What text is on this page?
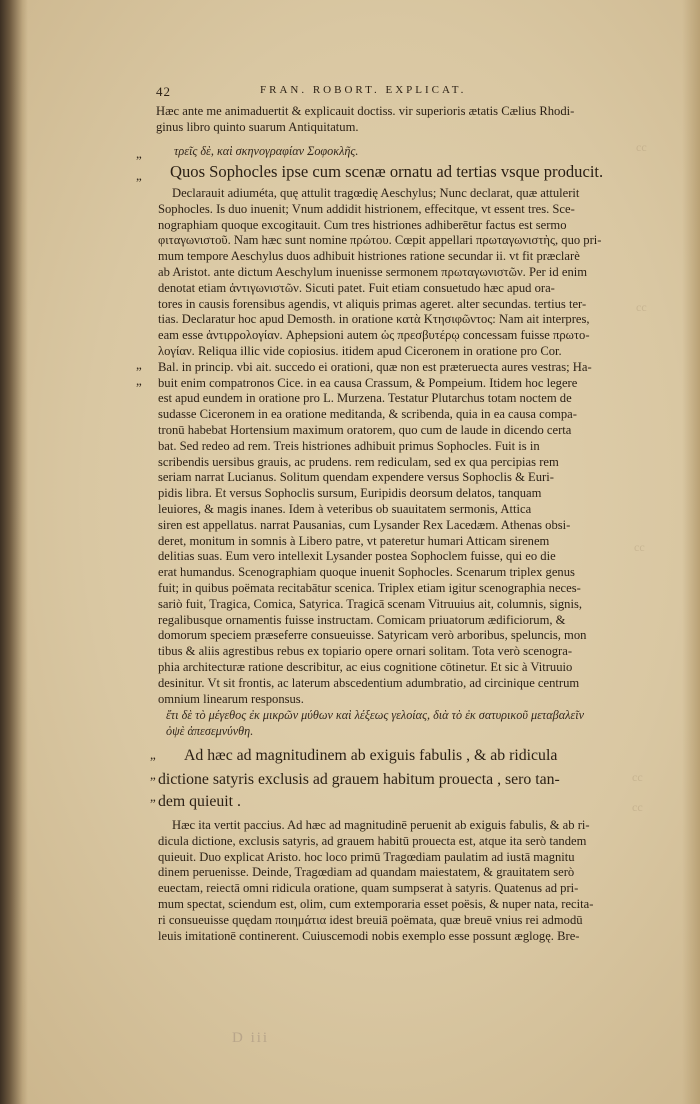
cc
cc
cc
cc
cc
42	FRAN. ROBORT. EXPLICAT.
Hæc ante me animaduertit & explicauit doctiss. vir superioris ætatis Cælius Rhodi-
ginus libro quinto suarum Antiquitatum.
„	τρεῖς δὲ, καὶ σκηνογραφίαν Σοφοκλῆς.
„ Quos Sophocles ipse cum scenæ ornatu ad tertias vsque producit.
Declarauit adiuméta, quę attulit tragœdię Aeschylus; Nunc declarat, quæ attulerit
Sophocles. Is duo inuenit; Vnum addidit histrionem, effecitque, vt essent tres. Sce-
nographiam quoque excogitauit. Cum tres histriones adhiberētur factus est sermo
φιταγωνιστοῦ. Nam hæc sunt nomine πρώτου. Cœpit appellari πρωταγωνιστὴς, quo pri-
mum tempore Aeschylus duos adhibuit histriones ratione secundar ii. vt fit præclarè
ab Aristot. ante dictum Aeschylum inuenisse sermonem πρωταγωνιστῶν. Per id enim
denotat etiam ἀντιγωνιστῶν. Sicuti patet. Fuit etiam consuetudo hæc apud ora-
tores in causis forensibus agendis, vt aliquis primas ageret. alter secundas. tertius ter-
tias. Declaratur hoc apud Demosth. in oratione κατὰ Κτησιφῶντος: Nam ait interpres,
eam esse ἀντιρρολογίαν. Aphepsioni autem ὡς πρεσβυτέρῳ concessam fuisse πρωτο-
λογίαν. Reliqua illic vide copiosius. itidem apud Ciceronem in oratione pro Cor.
Bal. in princip. vbi ait. succedo ei orationi, quæ non est præteruecta aures vestras; Ha-
buit enim compatronos Cice. in ea causa Crassum, & Pompeium. Itidem hoc legere
est apud eundem in oratione pro L. Murzena. Testatur Plutarchus totam noctem de
sudasse Ciceronem in ea oratione meditanda, & scribenda, quia in ea causa compa-
tronū habebat Hortensium maximum oratorem, quo cum de laude in dicendo certa
bat. Sed redeo ad rem. Treis histriones adhibuit primus Sophocles. Fuit is in
scribendis uersibus grauis, ac prudens. rem rediculam, sed ex qua percipias rem
seriam narrat Lucianus. Solitum quendam expendere versus Sophoclis & Euri-
pidis libra. Et versus Sophoclis sursum, Euripidis deorsum delatos, tanquam
leuiores, & magis inanes. Idem à veteribus ob suauitatem sermonis, Attica
siren est appellatus. narrat Pausanias, cum Lysander Rex Lacedæm. Athenas obsi-
deret, monitum in somnis à Libero patre, vt pateretur humari Atticam sirenem
delitias suas. Eum vero intellexit Lysander postea Sophoclem fuisse, qui eo die
erat humandus. Scenographiam quoque inuenit Sophocles. Scenarum triplex genus
fuit; in quibus poëmata recitabātur scenica. Triplex etiam igitur scenographia neces-
sariò fuit, Tragica, Comica, Satyrica. Tragicā scenam Vitruuius ait, columnis, signis,
regalibusque ornamentis fuisse instructam. Comicam priuatorum ædificiorum, &
domorum speciem præseferre consueuisse. Satyricam verò arboribus, speluncis, mon
tibus & aliis agrestibus rebus ex topiario opere ornari solitam. Tota verò scenogra-
phia architecturæ ratione describitur, ac eius cognitione cōtinetur. Et sic à Vitruuio
desinitur. Vt sit frontis, ac laterum abscedentium adumbratio, ad circinique centrum
omnium linearum responsus.
”
”
ἔτι δὲ τὸ μέγεθος ἐκ μικρῶν μύθων καὶ λέξεως γελοίας, διὰ τὸ ἐκ σατυρικοῦ μεταβαλεῖν
ὀψὲ ἀπεσεμνύνθη.
” Ad hæc ad magnitudinem ab exiguis fabulis , & ab ridicula
” dictione satyris exclusis ad grauem habitum prouecta , sero tan-
” dem quieuit .
Hæc ita vertit paccius. Ad hæc ad magnitudinē peruenit ab exiguis fabulis, & ab ri-
dicula dictione, exclusis satyris, ad grauem habitū prouecta est, atque ita serò tandem
quieuit. Duo explicat Aristo. hoc loco primū Tragœdiam paulatim ad iustā magnitu
dinem peruenisse. Deinde, Tragœdiam ad quandam maiestatem, & grauitatem serò
euectam, reiectā omni ridicula oratione, quam sumpserat à satyris. Quatenus ad pri-
mum spectat, sciendum est, olim, cum extemporaria esset poësis, & nuper nata, recita-
ri consueuisse quędam ποιημάτια idest breuiā poëmata, quæ breuē vnius rei admodū
leuis imitationē continerent. Cuiuscemodi nobis exemplo esse possunt æglogę. Bre-
D iii
